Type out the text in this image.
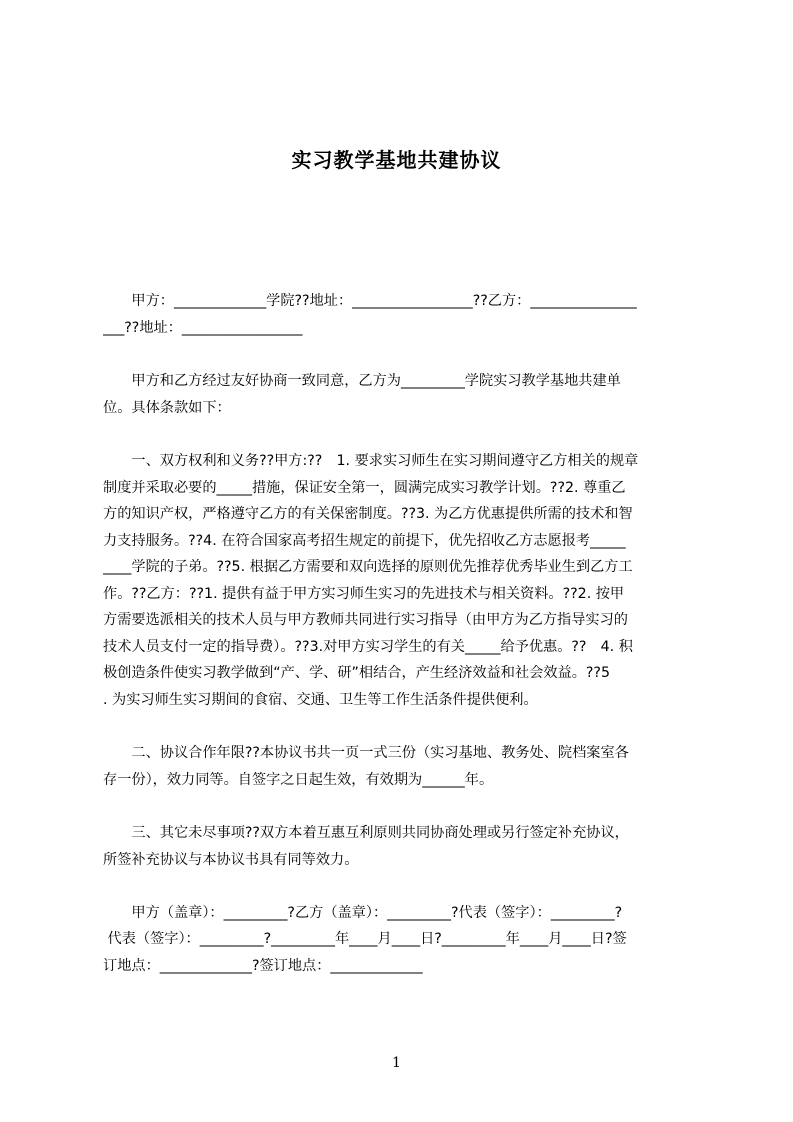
实习教学基地共建协议
　　甲方：_____________学院??地址：_________________??乙方：_______________
___??地址：_________________
　　甲方和乙方经过友好协商一致同意，乙方为_________学院实习教学基地共建单
位。具体条款如下：
　　一、双方权利和义务??甲方:??　1. 要求实习师生在实习期间遵守乙方相关的规章
制度并采取必要的_____措施，保证安全第一，圆满完成实习教学计划。??2. 尊重乙
方的知识产权，严格遵守乙方的有关保密制度。??3. 为乙方优惠提供所需的技术和智
力支持服务。??4. 在符合国家高考招生规定的前提下，优先招收乙方志愿报考_____
____学院的子弟。??5. 根据乙方需要和双向选择的原则优先推荐优秀毕业生到乙方工
作。??乙方：??1. 提供有益于甲方实习师生实习的先进技术与相关资料。??2. 按甲
方需要选派相关的技术人员与甲方教师共同进行实习指导（由甲方为乙方指导实习的
技术人员支付一定的指导费）。??3.对甲方实习学生的有关_____给予优惠。??　4. 积
极创造条件使实习教学做到“产、学、研”相结合，产生经济效益和社会效益。??5
. 为实习师生实习期间的食宿、交通、卫生等工作生活条件提供便利。
　　二、协议合作年限??本协议书共一页一式三份（实习基地、教务处、院档案室各
存一份），效力同等。自签字之日起生效，有效期为______年。
　　三、其它未尽事项??双方本着互惠互利原则共同协商处理或另行签定补充协议，
所签补充协议与本协议书具有同等效力。
　　甲方（盖章）：_________?乙方（盖章）：_________?代表（签字）：_________?
代表（签字）：_________?_________年____月____日?_________年____月____日?签
订地点：_____________?签订地点：_____________
1
